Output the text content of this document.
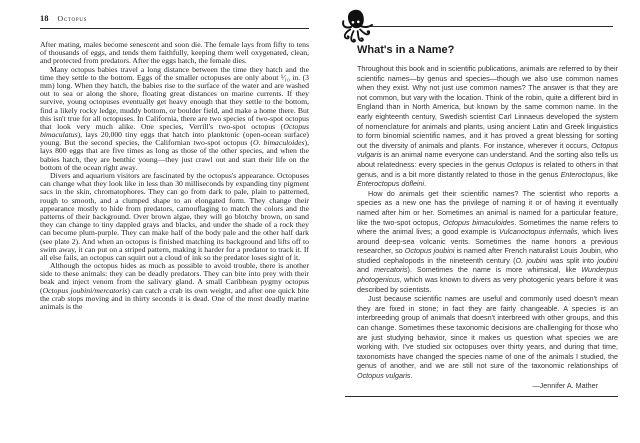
18 Octopus

After mating, males become senescent and soon die. The female lays from fifty to tens of thousands of eggs, and tends them faithfully, keeping them well oxygenated, clean, and protected from predators. After the eggs hatch, the female dies.

Many octopus babies travel a long distance between the time they hatch and the time they settle to the bottom. Eggs of the smaller octopuses are only about ¹⁄₁₀ in. (3 mm) long. When they hatch, the babies rise to the surface of the water and are washed out to sea or along the shore, floating great distances on marine currents. If they survive, young octopuses eventually get heavy enough that they settle to the bottom, find a likely rocky ledge, muddy bottom, or boulder field, and make a home there. But this isn't true for all octopuses. In California, there are two species of two-spot octopus that look very much alike. One species, Verrill's two-spot octopus (Octopus bimaculatus), lays 20,000 tiny eggs that hatch into planktonic (open-ocean surface) young. But the second species, the Californian two-spot octopus (O. bimaculoides), lays 800 eggs that are five times as long as those of the other species, and when the babies hatch, they are benthic young—they just crawl out and start their life on the bottom of the ocean right away.

Divers and aquarium visitors are fascinated by the octopus's appearance. Octopuses can change what they look like in less than 30 milliseconds by expanding tiny pigment sacs in the skin, chromatophores. They can go from dark to pale, plain to patterned, rough to smooth, and a clumped shape to an elongated form. They change their appearance mostly to hide from predators, camouflaging to match the colors and the patterns of their background. Over brown algae, they will go blotchy brown, on sand they can change to tiny dappled grays and blacks, and under the shade of a rock they can become plum-purple. They can make half of the body pale and the other half dark (see plate 2). And when an octopus is finished matching its background and lifts off to swim away, it can put on a striped pattern, making it harder for a predator to track it. If all else fails, an octopus can squirt out a cloud of ink so the predator loses sight of it.

Although the octopus hides as much as possible to avoid trouble, there is another side to these animals: they can be deadly predators. They can bite into prey with their beak and inject venom from the salivary gland. A small Caribbean pygmy octopus (Octopus joubini/mercatoris) can catch a crab its own weight, and after one quick bite the crab stops moving and in thirty seconds it is dead. One of the most deadly marine animals is the

What's in a Name?

Throughout this book and in scientific publications, animals are referred to by their scientific names—by genus and species—though we also use common names when they exist. Why not just use common names? The answer is that they are not common, but vary with the location. Think of the robin, quite a different bird in England than in North America, but known by the same common name. In the early eighteenth century, Swedish scientist Carl Linnaeus developed the system of nomenclature for animals and plants, using ancient Latin and Greek linguistics to form binomial scientific names, and it has proved a great blessing for sorting out the diversity of animals and plants. For instance, wherever it occurs, Octopus vulgaris is an animal name everyone can understand. And the sorting also tells us about relatedness: every species in the genus Octopus is related to others in that genus, and is a bit more distantly related to those in the genus Enteroctopus, like Enteroctopus dofleini.

How do animals get their scientific names? The scientist who reports a species as a new one has the privilege of naming it or of having it eventually named after him or her. Sometimes an animal is named for a particular feature, like the two-spot octopus, Octopus bimaculoides. Sometimes the name refers to where the animal lives; a good example is Vulcanoctopus infernalis, which lives around deep-sea volcanic vents. Sometimes the name honors a previous researcher, so Octopus joubini is named after French naturalist Louis Joubin, who studied cephalopods in the nineteenth century (O. joubini was split into joubini and mercatoris). Sometimes the name is more whimsical, like Wunderpus photogenicus, which was known to divers as very photogenic years before it was described by scientists.

Just because scientific names are useful and commonly used doesn't mean they are fixed in stone; in fact they are fairly changeable. A species is an interbreeding group of animals that doesn't interbreed with other groups, and this can change. Sometimes these taxonomic decisions are challenging for those who are just studying behavior, since it makes us question what species we are working with. I've studied six octopuses over thirty years, and during that time, taxonomists have changed the species name of one of the animals I studied, the genus of another, and we are still not sure of the taxonomic relationships of Octopus vulgaris.

—Jennifer A. Mather
